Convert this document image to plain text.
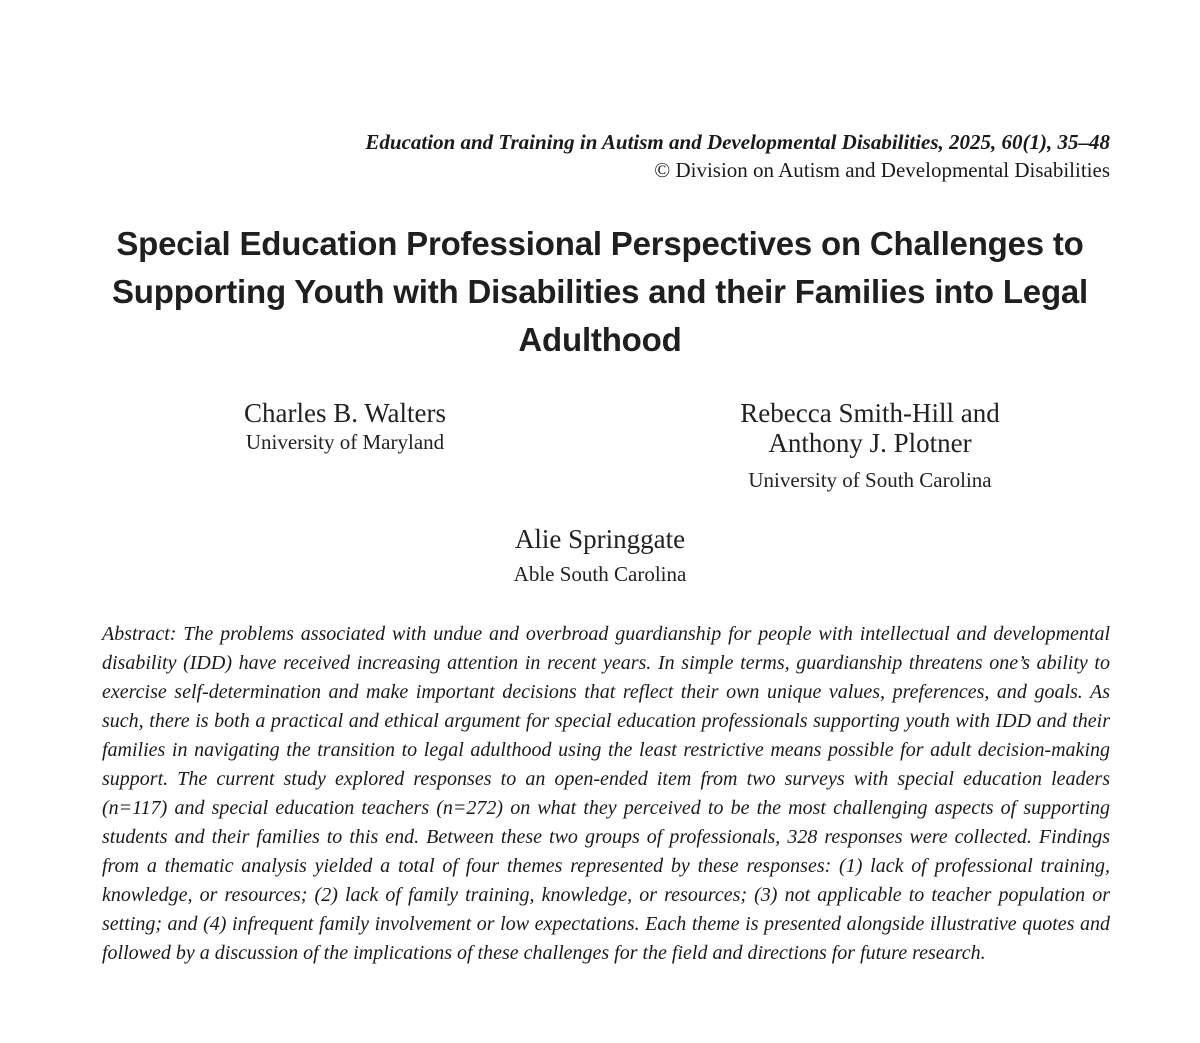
Education and Training in Autism and Developmental Disabilities, 2025, 60(1), 35–48
© Division on Autism and Developmental Disabilities
Special Education Professional Perspectives on Challenges to Supporting Youth with Disabilities and their Families into Legal Adulthood
Charles B. Walters
University of Maryland
Rebecca Smith-Hill and
Anthony J. Plotner
University of South Carolina
Alie Springgate
Able South Carolina
Abstract: The problems associated with undue and overbroad guardianship for people with intellectual and developmental disability (IDD) have received increasing attention in recent years. In simple terms, guardianship threatens one’s ability to exercise self-determination and make important decisions that reflect their own unique values, preferences, and goals. As such, there is both a practical and ethical argument for special education professionals supporting youth with IDD and their families in navigating the transition to legal adulthood using the least restrictive means possible for adult decision-making support. The current study explored responses to an open-ended item from two surveys with special education leaders (n=117) and special education teachers (n=272) on what they perceived to be the most challenging aspects of supporting students and their families to this end. Between these two groups of professionals, 328 responses were collected. Findings from a thematic analysis yielded a total of four themes represented by these responses: (1) lack of professional training, knowledge, or resources; (2) lack of family training, knowledge, or resources; (3) not applicable to teacher population or setting; and (4) infrequent family involvement or low expectations. Each theme is presented alongside illustrative quotes and followed by a discussion of the implications of these challenges for the field and directions for future research.
